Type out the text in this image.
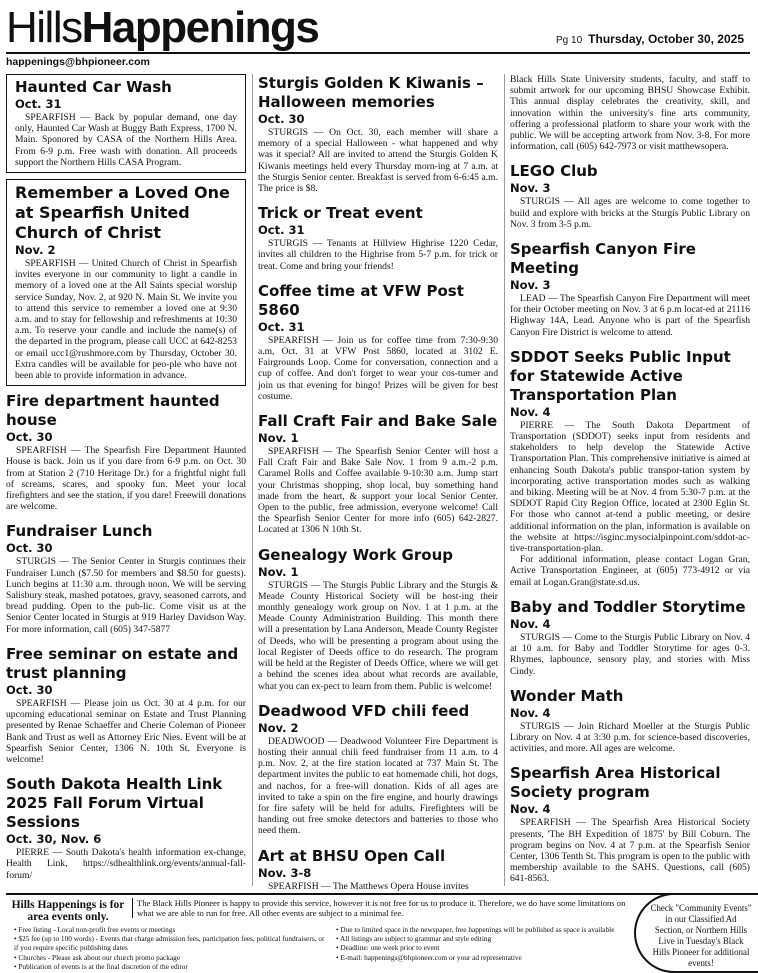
HillsHappenings	Pg 10 Thursday, October 30, 2025
happenings@bhpioneer.com
Haunted Car Wash
Oct. 31

SPEARFISH — Back by popular demand, one day only, Haunted Car Wash at Buggy Bath Express, 1700 N. Main. Sponored by CASA of the Northern Hills Area. From 6-9 p.m. Free wash with donation. All proceeds support the Northern Hills CASA Program.

Remember a Loved One at Spearfish United Church of Christ
Nov. 2

SPEARFISH — United Church of Christ in Spearfish invites everyone in our community to light a candle in memory of a loved one at the All Saints special worship service Sunday, Nov. 2, at 920 N. Main St. We invite you to attend this service to remember a loved one at 9:30 a.m. and to stay for fellowship and refreshments at 10:30 a.m. To reserve your candle and include the name(s) of the departed in the program, please call UCC at 642-8253 or email ucc1@rushmore.com by Thursday, October 30. Extra candles will be available for peo-ple who have not been able to provide information in advance.

Fire department haunted house
Oct. 30

SPEARFISH — The Spearfish Fire Department Haunted House is back. Join us if you dare from 6-9 p.m. on Oct. 30 from at Station 2 (710 Heritage Dr.) for a frightful night full of screams, scares, and spooky fun. Meet your local firefighters and see the station, if you dare! Freewill donations are welcome.

Fundraiser Lunch
Oct. 30

STURGIS — The Senior Center in Sturgis continues their Fundraiser Lunch ($7.50 for members and $8.50 for guests). Lunch begins at 11:30 a.m. through noon. We will be serving Salisbury steak, mashed potatoes, gravy, seasoned carrots, and bread pudding. Open to the pub-lic. Come visit us at the Senior Center located in Sturgis at 919 Harley Davidson Way. For more information, call (605) 347-5877

Free seminar on estate and trust planning
Oct. 30

SPEARFISH — Please join us Oct. 30 at 4 p.m. for our upcoming educational seminar on Estate and Trust Planning presented by Renae Schaeffer and Cherie Coleman of Pioneer Bank and Trust as well as Attorney Eric Nies. Event will be at Spearfish Senior Center, 1306 N. 10th St. Everyone is welcome!

South Dakota Health Link 2025 Fall Forum Virtual Sessions
Oct. 30, Nov. 6

PIERRE — South Dakota's health information ex-change, Health Link, https://sdhealthlink.org/events/annual-fall-forum/

Sturgis Golden K Kiwanis – Halloween memories
Oct. 30

STURGIS — On Oct. 30, each member will share a memory of a special Halloween - what happened and why was it special? All are invited to attend the Sturgis Golden K Kiwanis meetings held every Thursday morn-ing at 7 a.m. at the Sturgis Senior center. Breakfast is served from 6-6:45 a.m. The price is $8.

Trick or Treat event
Oct. 31

STURGIS — Tenants at Hillview Highrise 1220 Cedar, invites all children to the Highrise from 5-7 p.m. for trick or treat. Come and bring your friends!

Coffee time at VFW Post 5860
Oct. 31

SPEARFISH — Join us for coffee time from 7:30-9:30 a.m, Oct. 31 at VFW Post 5860, located at 3102 E. Fairgrounds Loop. Come for conversation, connection and a cup of coffee. And don't forget to wear your cos-tumer and join us that evening for bingo! Prizes will be given for best costume.

Fall Craft Fair and Bake Sale
Nov. 1

SPEARFISH — The Spearfish Senior Center will host a Fall Craft Fair and Bake Sale Nov. 1 from 9 a.m.-2 p.m. Caramel Rolls and Coffee available 9-10:30 a.m. Jump start your Christmas shopping, shop local, buy something hand made from the heart, & support your local Senior Center. Open to the public, free admission, everyone welcome! Call the Spearfish Senior Center for more info (605) 642-2827. Located at 1306 N 10th St.

Genealogy Work Group
Nov. 1

STURGIS — The Sturgis Public Library and the Sturgis & Meade County Historical Society will be host-ing their monthly genealogy work group on Nov. 1 at 1 p.m. at the Meade County Administration Building. This month there will a presentation by Lana Anderson, Meade County Register of Deeds, who will be presenting a program about using the local Register of Deeds office to do research. The program will be held at the Register of Deeds Office, where we will get a behind the scenes idea about what records are available, what you can ex-pect to learn from them. Public is welcome!

Deadwood VFD chili feed
Nov. 2

DEADWOOD — Deadwood Volunteer Fire Department is hosting their annual chili feed fundraiser from 11 a.m. to 4 p.m. Nov. 2, at the fire station located at 737 Main St. The department invites the public to eat homemade chili, hot dogs, and nachos, for a free-will donation. Kids of all ages are invited to take a spin on the fire engine, and hourly drawings for fire safety will be held for adults. Firefighters will be handing out free smoke detectors and batteries to those who need them.

Art at BHSU Open Call
Nov. 3-8

SPEARFISH — The Matthews Opera House invites

Black Hills State University students, faculty, and staff to submit artwork for our upcoming BHSU Showcase Exhibit. This annual display celebrates the creativity, skill, and innovation within the university's fine arts community, offering a professional platform to share your work with the public. We will be accepting artwork from Nov. 3-8. For more information, call (605) 642-7973 or visit matthewsopera.

LEGO Club
Nov. 3

STURGIS — All ages are welcome to come together to build and explore with bricks at the Sturgis Public Library on Nov. 3 from 3-5 p.m.

Spearfish Canyon Fire Meeting
Nov. 3

LEAD — The Spearfish Canyon Fire Department will meet for their October meeting on Nov. 3 at 6 p.m locat-ed at 21116 Highway 14A, Lead. Anyone who is part of the Spearfish Canyon Fire District is welcome to attend.

SDDOT Seeks Public Input for Statewide Active Transportation Plan
Nov. 4

PIERRE — The South Dakota Department of Transportation (SDDOT) seeks input from residents and stakeholders to help develop the Statewide Active Transportation Plan. This comprehensive initiative is aimed at enhancing South Dakota's public transpor-tation system by incorporating active transportation modes such as walking and biking. Meeting will be at Nov. 4 from 5:30-7 p.m. at the SDDOT Rapid City Region Office, located at 2300 Eglin St. For those who cannot at-tend a public meeting, or desire additional information on the plan, information is available on the website at https://isginc.mysocialpinpoint.com/sddot-ac-tive-transportation-plan.

For additional information, please contact Logan Gran, Active Transportation Engineer, at (605) 773-4912 or via email at Logan.Gran@state.sd.us.

Baby and Toddler Storytime
Nov. 4

STURGIS — Come to the Sturgis Public Library on Nov. 4 at 10 a.m. for Baby and Toddler Storytime for ages 0-3. Rhymes, lapbounce, sensory play, and stories with Miss Cindy.

Wonder Math
Nov. 4

STURGIS — Join Richard Moeller at the Sturgis Public Library on Nov. 4 at 3:30 p.m. for science-based discoveries, activities, and more. All ages are welcome.

Spearfish Area Historical Society program
Nov. 4

SPEARFISH — The Spearfish Area Historical Society presents, 'The BH Expedition of 1875' by Bill Coburn. The program begins on Nov. 4 at 7 p.m. at the Spearfish Senior Center, 1306 Tenth St. This program is open to the public with membership available to the SAHS. Questions, call (605) 641-8563.

Hills Happenings is for area events only.
The Black Hills Pioneer is happy to provide this service, however it is not free for us to produce it. Therefore, we do have some limitations on what we are able to run for free. All other events are subject to a minimal fee.
• Free listing - Local non-profit free events or meetings
• $25 fee (up to 100 words) - Events that charge admission fees, participation fees, political fundraisers, or if you require specific publishing dates
• Churches - Please ask about our church promo package
• Publication of events is at the final discretion of the editor
• Due to limited space in the newspaper, free happenings will be published as space is available
• All listings are subject to grammar and style editing
• Deadline: one week prior to event
• E-mail: happenings@bhpioneer.com or your ad representative
Check "Community Events" in our Classified Ad Section, or Northern Hills Live in Tuesday's Black Hills Pioneer for additional events!
